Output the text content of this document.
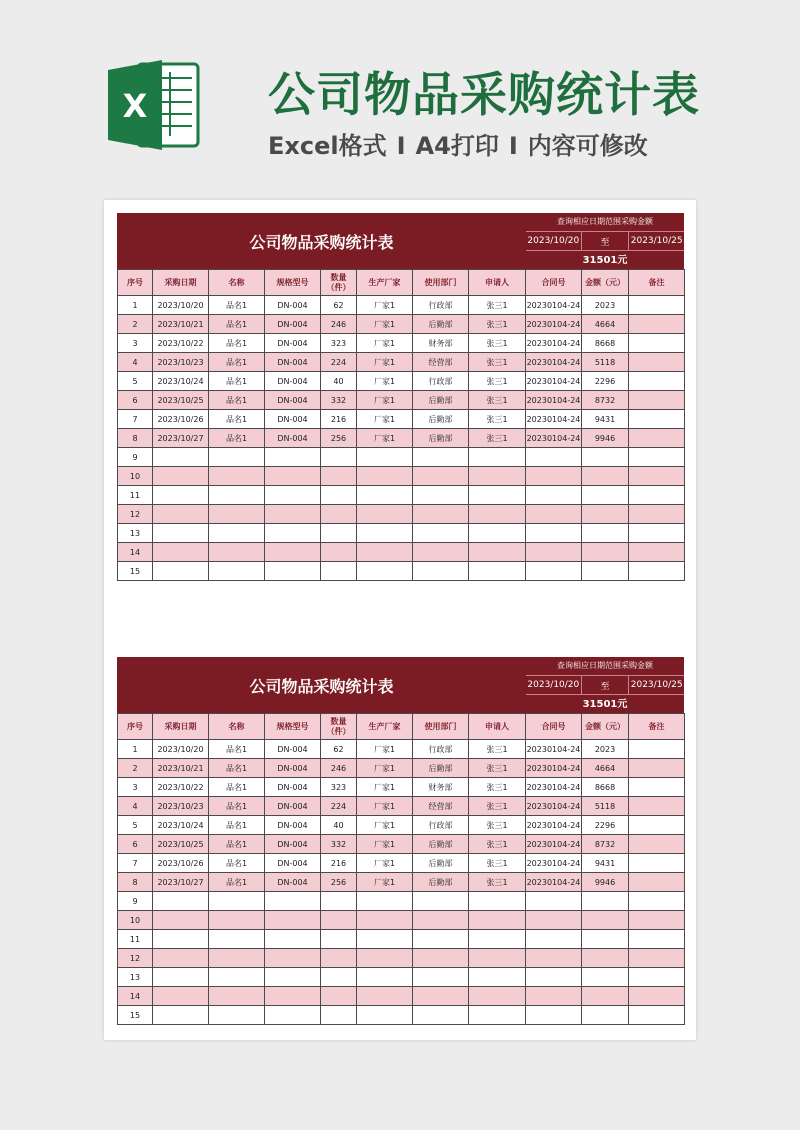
X	公司物品采购统计表
Excel格式 I A4打印 I 内容可修改
公司物品采购统计表
查询相应日期范围采购金额
2023/10/20	至	2023/10/25
31501元
序号	采购日期	名称	规格型号	数量（件）	生产厂家	使用部门	申请人	合同号	金额（元）	备注
1	2023/10/20	品名1	DN-004	62	厂家1	行政部	张三1	20230104-24	2023	
2	2023/10/21	品名1	DN-004	246	厂家1	后勤部	张三1	20230104-24	4664	
3	2023/10/22	品名1	DN-004	323	厂家1	财务部	张三1	20230104-24	8668	
4	2023/10/23	品名1	DN-004	224	厂家1	经营部	张三1	20230104-24	5118	
5	2023/10/24	品名1	DN-004	40	厂家1	行政部	张三1	20230104-24	2296	
6	2023/10/25	品名1	DN-004	332	厂家1	后勤部	张三1	20230104-24	8732	
7	2023/10/26	品名1	DN-004	216	厂家1	后勤部	张三1	20230104-24	9431	
8	2023/10/27	品名1	DN-004	256	厂家1	后勤部	张三1	20230104-24	9946	
9										
10										
11										
12										
13										
14										
15										
公司物品采购统计表
查询相应日期范围采购金额
2023/10/20	至	2023/10/25
31501元
序号	采购日期	名称	规格型号	数量（件）	生产厂家	使用部门	申请人	合同号	金额（元）	备注
1	2023/10/20	品名1	DN-004	62	厂家1	行政部	张三1	20230104-24	2023	
2	2023/10/21	品名1	DN-004	246	厂家1	后勤部	张三1	20230104-24	4664	
3	2023/10/22	品名1	DN-004	323	厂家1	财务部	张三1	20230104-24	8668	
4	2023/10/23	品名1	DN-004	224	厂家1	经营部	张三1	20230104-24	5118	
5	2023/10/24	品名1	DN-004	40	厂家1	行政部	张三1	20230104-24	2296	
6	2023/10/25	品名1	DN-004	332	厂家1	后勤部	张三1	20230104-24	8732	
7	2023/10/26	品名1	DN-004	216	厂家1	后勤部	张三1	20230104-24	9431	
8	2023/10/27	品名1	DN-004	256	厂家1	后勤部	张三1	20230104-24	9946	
9										
10										
11										
12										
13										
14										
15										
